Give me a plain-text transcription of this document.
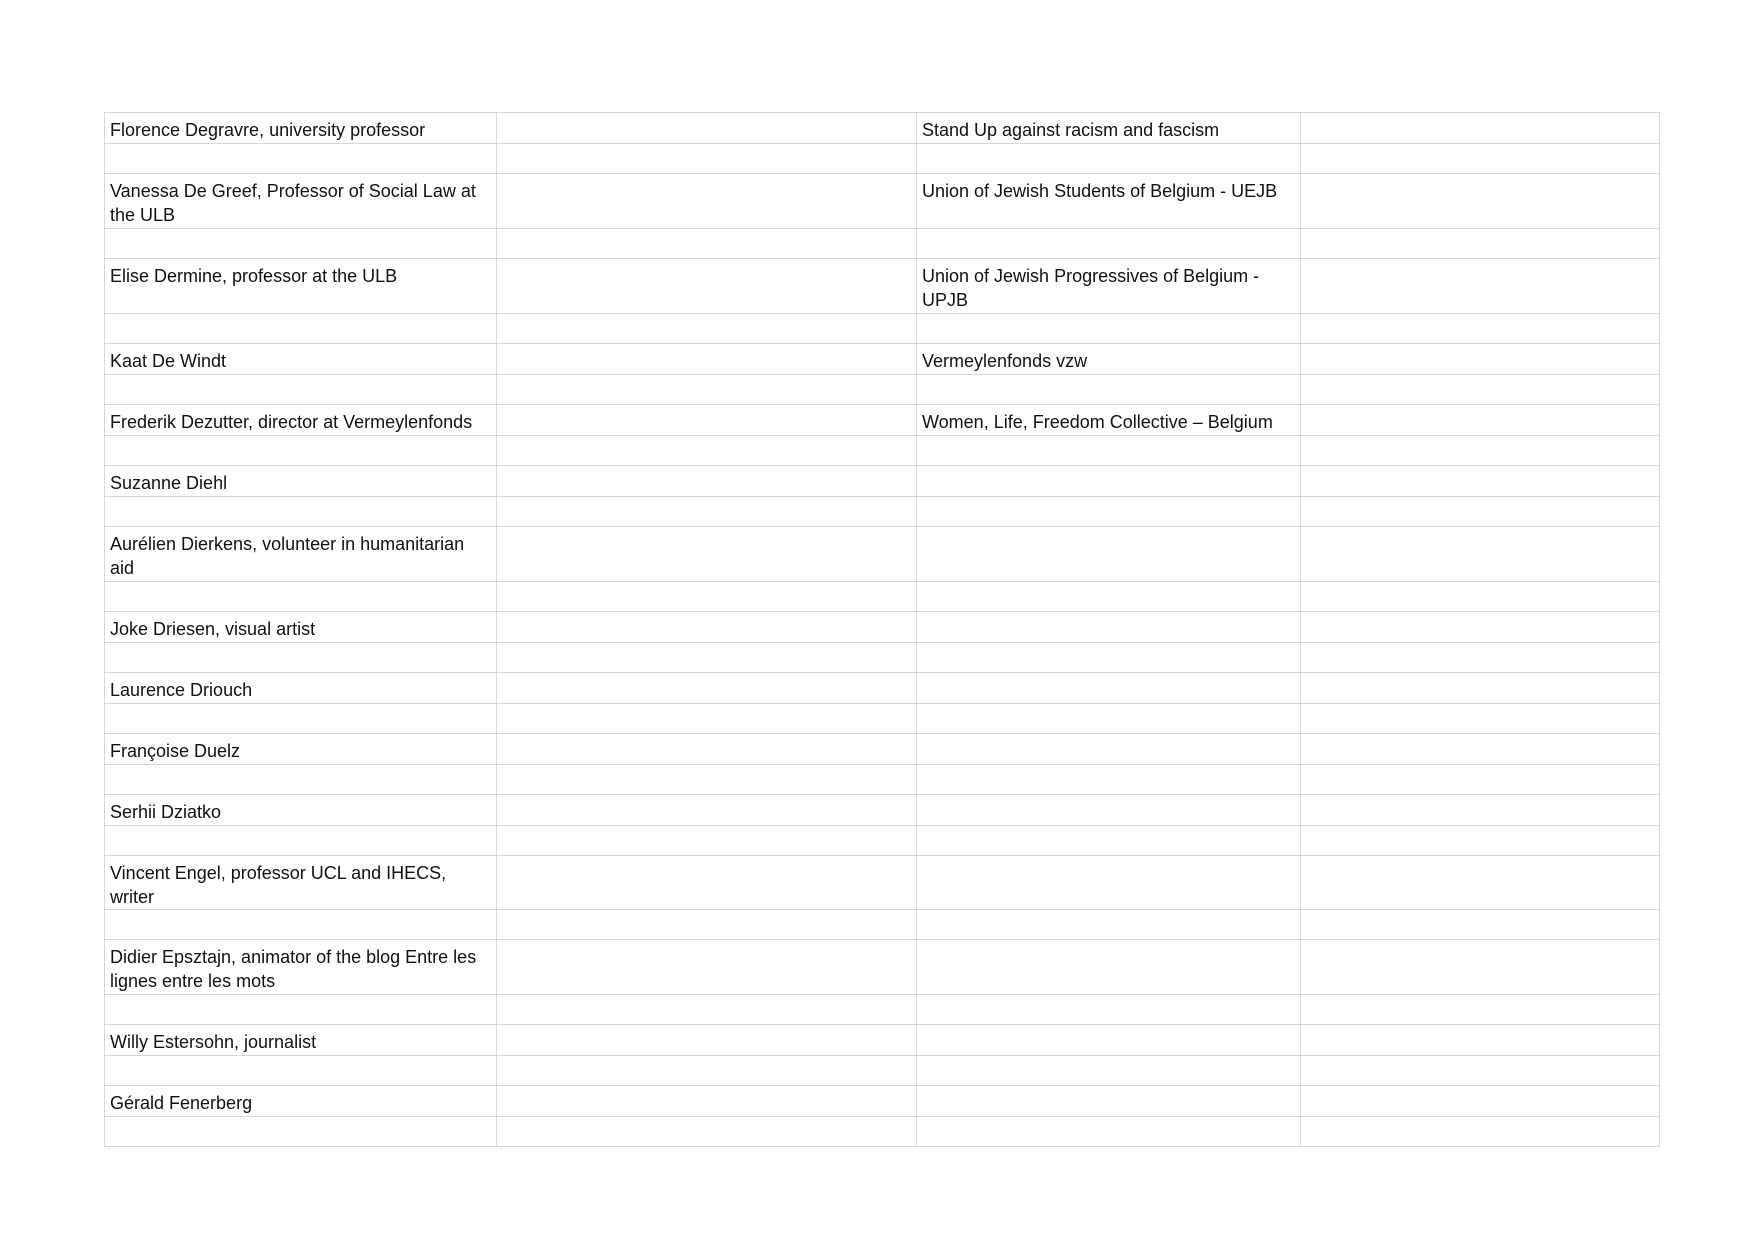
Florence Degravre, university professor		Stand Up against racism and fascism	

Vanessa De Greef, Professor of Social Law at the ULB		Union of Jewish Students of Belgium - UEJB	

Elise Dermine, professor at the ULB		Union of Jewish Progressives of Belgium - UPJB	

Kaat De Windt		Vermeylenfonds vzw	

Frederik Dezutter, director at Vermeylenfonds		Women, Life, Freedom Collective – Belgium	

Suzanne Diehl			

Aurélien Dierkens, volunteer in humanitarian aid			

Joke Driesen, visual artist			

Laurence Driouch			

Françoise Duelz			

Serhii Dziatko			

Vincent Engel, professor UCL and IHECS, writer			

Didier Epsztajn, animator of the blog Entre les lignes entre les mots			

Willy Estersohn, journalist			

Gérald Fenerberg			
